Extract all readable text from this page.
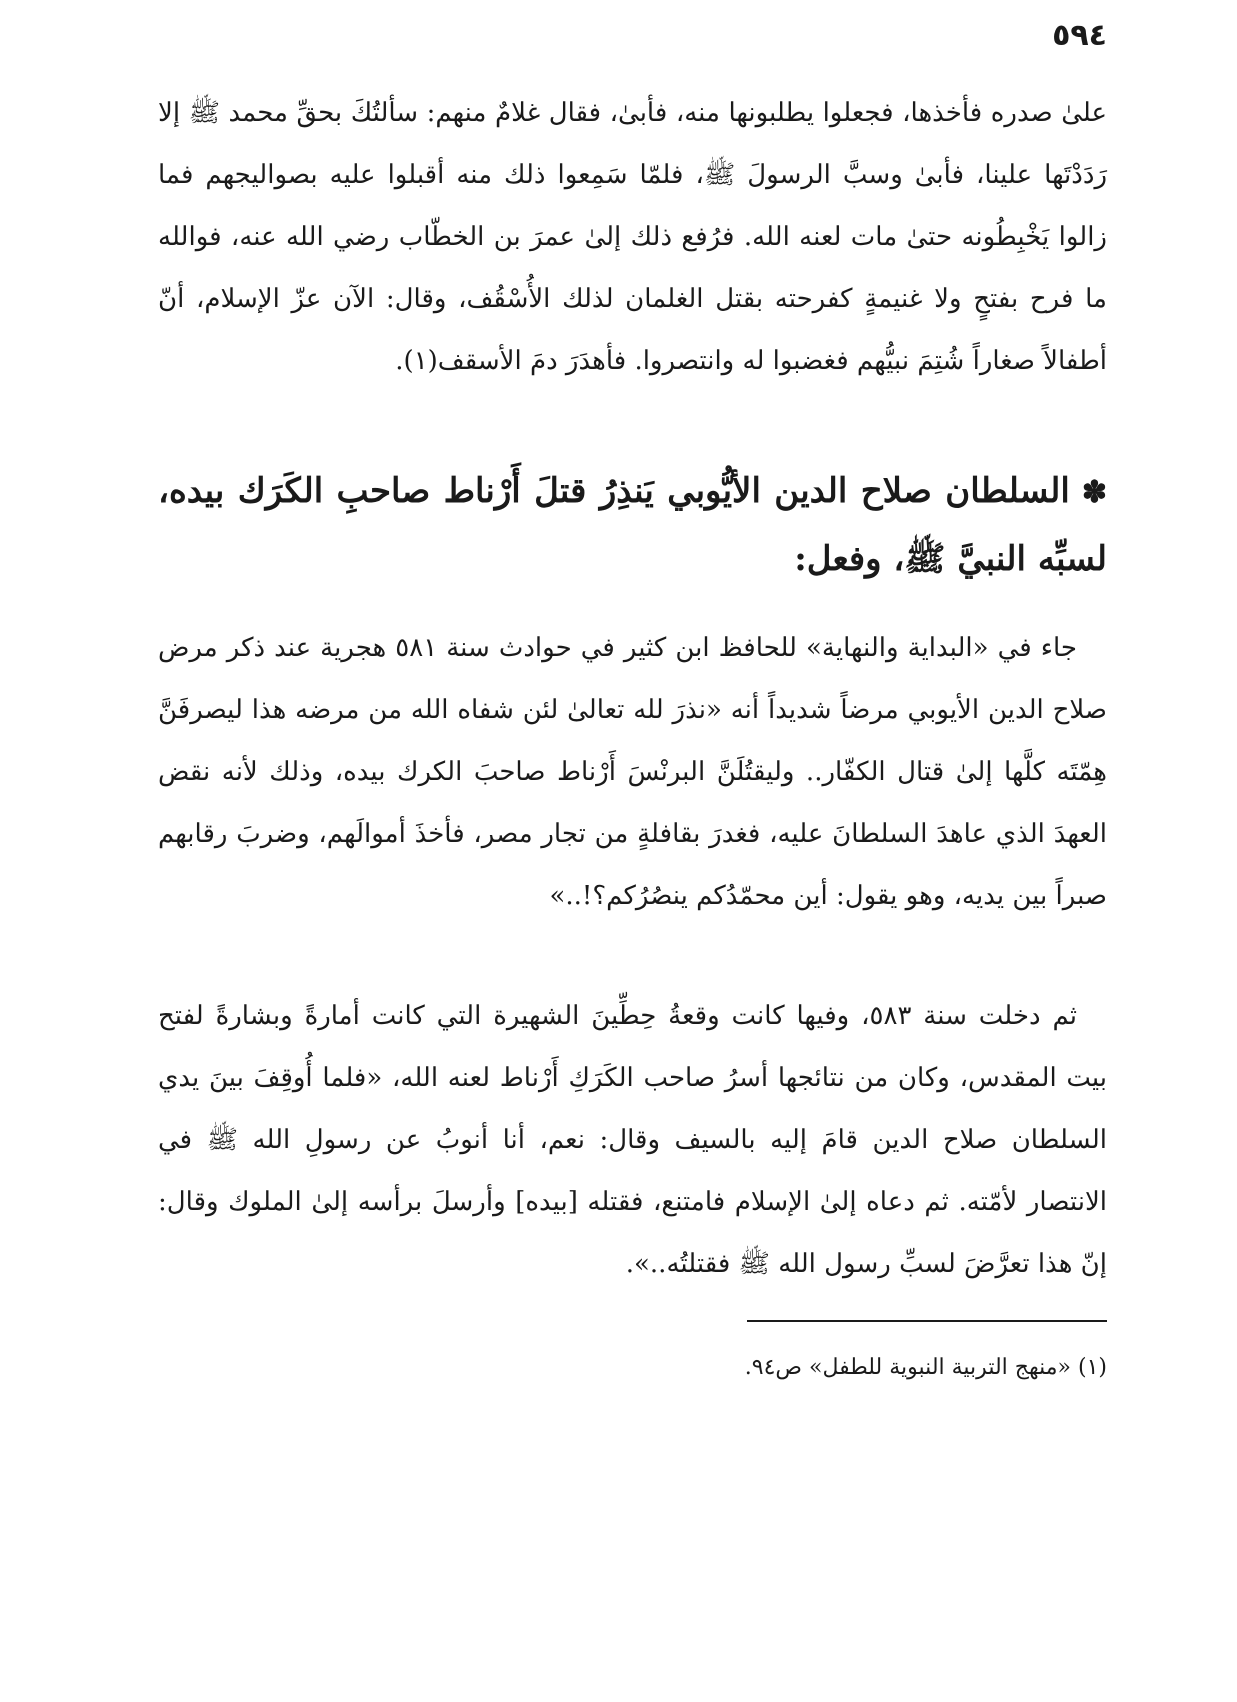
٥٩٤

علىٰ صدره فأخذها، فجعلوا يطلبونها منه، فأبىٰ، فقال غلامٌ منهم: سألتُكَ بحقِّ محمد ﷺ إلا رَدَدْتَها علينا، فأبىٰ وسبَّ الرسولَ ﷺ، فلمّا سَمِعوا ذلك منه أقبلوا عليه بصواليجهم فما زالوا يَخْبِطُونه حتىٰ مات لعنه الله. فرُفع ذلك إلىٰ عمرَ بن الخطّاب رضي الله عنه، فوالله ما فرح بفتحٍ ولا غنيمةٍ كفرحته بقتل الغلمان لذلك الأُسْقُف، وقال: الآن عزّ الإسلام، أنّ أطفالاً صغاراً شُتِمَ نبيُّهم فغضبوا له وانتصروا. فأهدَرَ دمَ الأسقف(١).

✽السلطان صلاح الدين الأيُّوبي يَنذِرُ قتلَ أَرْناط صاحبِ الكَرَك بيده، لسبِّه النبيَّ ﷺ، وفعل:

جاء في «البداية والنهاية» للحافظ ابن كثير في حوادث سنة ٥٨١ هجرية عند ذكر مرض صلاح الدين الأيوبي مرضاً شديداً أنه «نذرَ لله تعالىٰ لئن شفاه الله من مرضه هذا ليصرفَنَّ هِمّتَه كلَّها إلىٰ قتال الكفّار.. وليقتُلَنَّ البرنْسَ أَرْناط صاحبَ الكرك بيده، وذلك لأنه نقض العهدَ الذي عاهدَ السلطانَ عليه، فغدرَ بقافلةٍ من تجار مصر، فأخذَ أموالَهم، وضربَ رقابهم صبراً بين يديه، وهو يقول: أين محمّدُكم ينصُرُكم؟!..»

ثم دخلت سنة ٥٨٣، وفيها كانت وقعةُ حِطِّينَ الشهيرة التي كانت أمارةً وبشارةً لفتح بيت المقدس، وكان من نتائجها أسرُ صاحب الكَرَكِ أَرْناط لعنه الله، «فلما أُوقِفَ بينَ يدي السلطان صلاح الدين قامَ إليه بالسيف وقال: نعم، أنا أنوبُ عن رسولِ الله ﷺ في الانتصار لأمّته. ثم دعاه إلىٰ الإسلام فامتنع، فقتله [بيده] وأرسلَ برأسه إلىٰ الملوك وقال: إنّ هذا تعرَّضَ لسبِّ رسول الله ﷺ فقتلتُه..».

(١) «منهج التربية النبوية للطفل» ص٩٤.
